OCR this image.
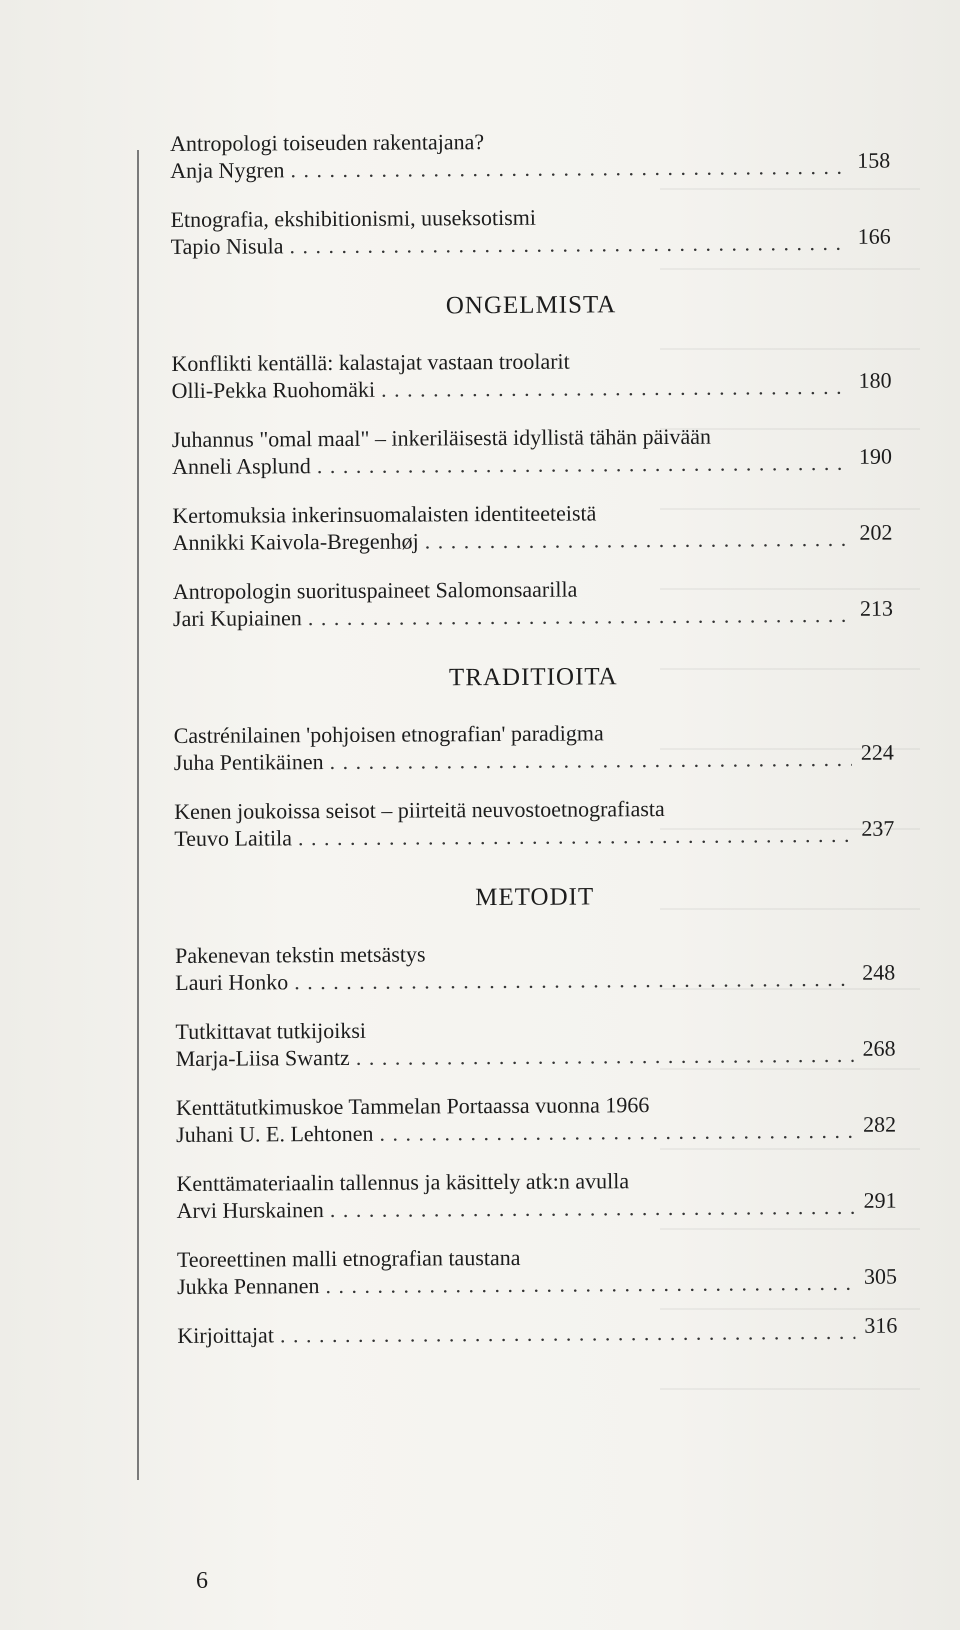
Antropologi toiseuden rakentajana?
Anja Nygren . . .	158
Etnografia, ekshibitionismi, uuseksotismi
Tapio Nisula . . .	166
ONGELMISTA
Konflikti kentällä: kalastajat vastaan troolarit
Olli-Pekka Ruohomäki . . .	180
Juhannus "omal maal" – inkeriläisestä idyllistä tähän päivään
Anneli Asplund . . .	190
Kertomuksia inkerinsuomalaisten identiteeteistä
Annikki Kaivola-Bregenhøj . . .	202
Antropologin suorituspaineet Salomonsaarilla
Jari Kupiainen . . .	213
TRADITIOITA
Castrénilainen 'pohjoisen etnografian' paradigma
Juha Pentikäinen . . .	224
Kenen joukoissa seisot – piirteitä neuvostoetnografiasta
Teuvo Laitila . . .	237
METODIT
Pakenevan tekstin metsästys
Lauri Honko . . .	248
Tutkittavat tutkijoiksi
Marja-Liisa Swantz . . .	268
Kenttätutkimuskoe Tammelan Portaassa vuonna 1966
Juhani U. E. Lehtonen . . .	282
Kenttämateriaalin tallennus ja käsittely atk:n avulla
Arvi Hurskainen . . .	291
Teoreettinen malli etnografian taustana
Jukka Pennanen . . .	305
Kirjoittajat . . .	316
6
